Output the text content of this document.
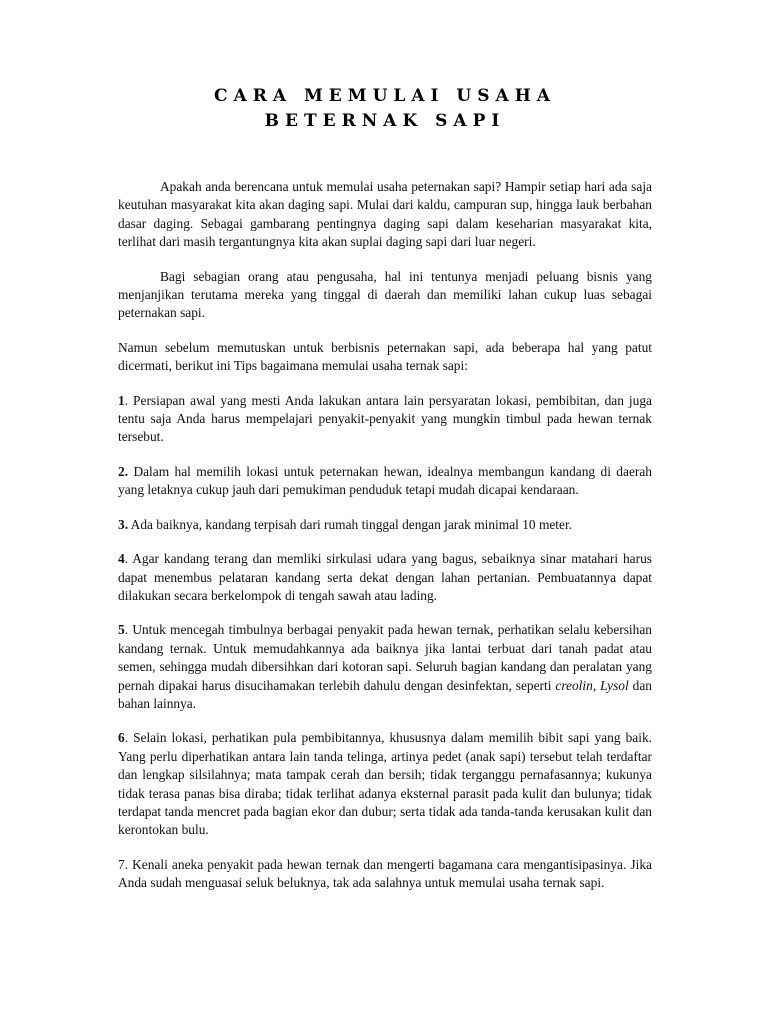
CARA MEMULAI USAHA
BETERNAK SAPI

Apakah anda berencana untuk memulai usaha peternakan sapi? Hampir setiap hari ada saja keutuhan masyarakat kita akan daging sapi. Mulai dari kaldu, campuran sup, hingga lauk berbahan dasar daging. Sebagai gambarang pentingnya daging sapi dalam keseharian masyarakat kita, terlihat dari masih tergantungnya kita akan suplai daging sapi dari luar negeri.

Bagi sebagian orang atau pengusaha, hal ini tentunya menjadi peluang bisnis yang menjanjikan terutama mereka yang tinggal di daerah dan memiliki lahan cukup luas sebagai peternakan sapi.

Namun sebelum memutuskan untuk berbisnis peternakan sapi, ada beberapa hal yang patut dicermati, berikut ini Tips bagaimana memulai usaha ternak sapi:

1. Persiapan awal yang mesti Anda lakukan antara lain persyaratan lokasi, pembibitan, dan juga tentu saja Anda harus mempelajari penyakit-penyakit yang mungkin timbul pada hewan ternak tersebut.

2. Dalam hal memilih lokasi untuk peternakan hewan, idealnya membangun kandang di daerah yang letaknya cukup jauh dari pemukiman penduduk tetapi mudah dicapai kendaraan.

3. Ada baiknya, kandang terpisah dari rumah tinggal dengan jarak minimal 10 meter.

4. Agar kandang terang dan memliki sirkulasi udara yang bagus, sebaiknya sinar matahari harus dapat menembus pelataran kandang serta dekat dengan lahan pertanian. Pembuatannya dapat dilakukan secara berkelompok di tengah sawah atau lading.

5. Untuk mencegah timbulnya berbagai penyakit pada hewan ternak, perhatikan selalu kebersihan kandang ternak. Untuk memudahkannya ada baiknya jika lantai terbuat dari tanah padat atau semen, sehingga mudah dibersihkan dari kotoran sapi. Seluruh bagian kandang dan peralatan yang pernah dipakai harus disucihamakan terlebih dahulu dengan desinfektan, seperti creolin, Lysol dan bahan lainnya.

6. Selain lokasi, perhatikan pula pembibitannya, khususnya dalam memilih bibit sapi yang baik. Yang perlu diperhatikan antara lain tanda telinga, artinya pedet (anak sapi) tersebut telah terdaftar dan lengkap silsilahnya; mata tampak cerah dan bersih; tidak terganggu pernafasannya; kukunya tidak terasa panas bisa diraba; tidak terlihat adanya eksternal parasit pada kulit dan bulunya; tidak terdapat tanda mencret pada bagian ekor dan dubur; serta tidak ada tanda-tanda kerusakan kulit dan kerontokan bulu.

7. Kenali aneka penyakit pada hewan ternak dan mengerti bagamana cara mengantisipasinya. Jika Anda sudah menguasai seluk beluknya, tak ada salahnya untuk memulai usaha ternak sapi.
